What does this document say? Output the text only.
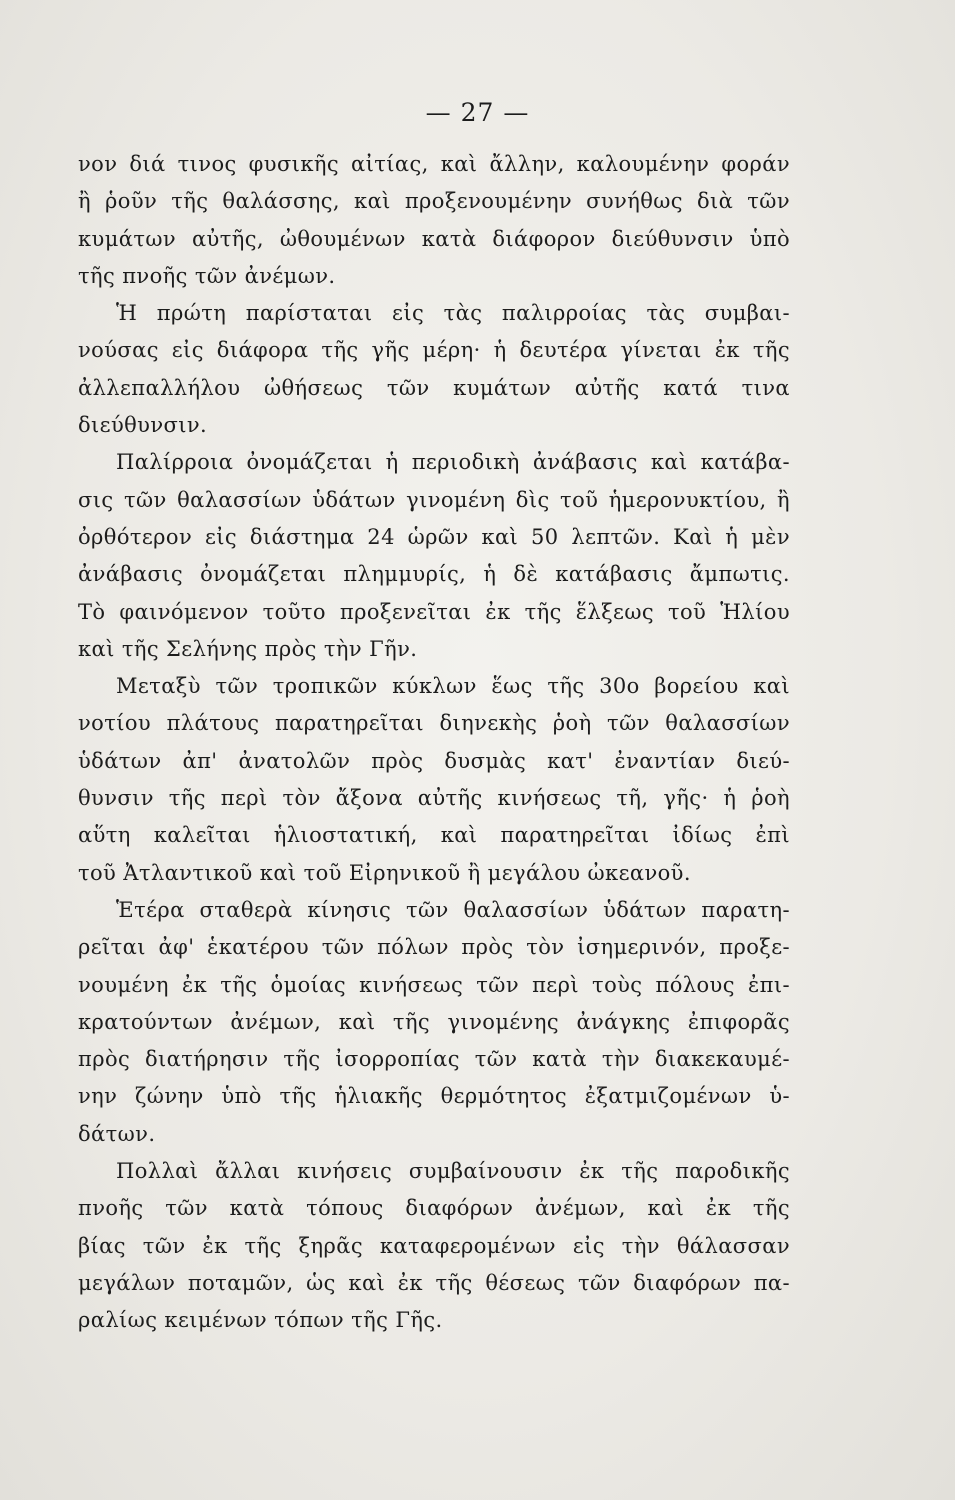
— 27 —
νον διά τινος φυσικῆς αἰτίας, καὶ ἄλλην, καλουμένην φοράν
ἢ ῥοῦν τῆς θαλάσσης, καὶ προξενουμένην συνήθως διὰ τῶν
κυμάτων αὐτῆς, ὠθουμένων κατὰ διάφορον διεύθυνσιν ὑπὸ
τῆς πνοῆς τῶν ἀνέμων.
Ἡ πρώτη παρίσταται εἰς τὰς παλιρροίας τὰς συμβαι-
νούσας εἰς διάφορα τῆς γῆς μέρη· ἡ δευτέρα γίνεται ἐκ τῆς
ἀλλεπαλλήλου ὠθήσεως τῶν κυμάτων αὐτῆς κατά τινα
διεύθυνσιν.
Παλίρροια ὀνομάζεται ἡ περιοδικὴ ἀνάβασις καὶ κατάβα-
σις τῶν θαλασσίων ὑδάτων γινομένη δὶς τοῦ ἡμερονυκτίου, ἢ
ὀρθότερον εἰς διάστημα 24 ὡρῶν καὶ 50 λεπτῶν. Καὶ ἡ μὲν
ἀνάβασις ὀνομάζεται πλημμυρίς, ἡ δὲ κατάβασις ἄμπωτις.
Τὸ φαινόμενον τοῦτο προξενεῖται ἐκ τῆς ἕλξεως τοῦ Ἡλίου
καὶ τῆς Σελήνης πρὸς τὴν Γῆν.
Μεταξὺ τῶν τροπικῶν κύκλων ἕως τῆς 30ο βορείου καὶ
νοτίου πλάτους παρατηρεῖται διηνεκὴς ῥοὴ τῶν θαλασσίων
ὑδάτων ἀπ' ἀνατολῶν πρὸς δυσμὰς κατ' ἐναντίαν διεύ-
θυνσιν τῆς περὶ τὸν ἄξονα αὐτῆς κινήσεως τῆ, γῆς· ἡ ῥοὴ
αὕτη καλεῖται ἡλιοστατική, καὶ παρατηρεῖται ἰδίως ἐπὶ
τοῦ Ἀτλαντικοῦ καὶ τοῦ Εἰρηνικοῦ ἢ μεγάλου ὠκεανοῦ.
Ἑτέρα σταθερὰ κίνησις τῶν θαλασσίων ὑδάτων παρατη-
ρεῖται ἀφ' ἑκατέρου τῶν πόλων πρὸς τὸν ἰσημερινόν, προξε-
νουμένη ἐκ τῆς ὁμοίας κινήσεως τῶν περὶ τοὺς πόλους ἐπι-
κρατούντων ἀνέμων, καὶ τῆς γινομένης ἀνάγκης ἐπιφορᾶς
πρὸς διατήρησιν τῆς ἰσορροπίας τῶν κατὰ τὴν διακεκαυμέ-
νην ζώνην ὑπὸ τῆς ἡλιακῆς θερμότητος ἐξατμιζομένων ὑ-
δάτων.
Πολλαὶ ἄλλαι κινήσεις συμβαίνουσιν ἐκ τῆς παροδικῆς
πνοῆς τῶν κατὰ τόπους διαφόρων ἀνέμων, καὶ ἐκ τῆς
βίας τῶν ἐκ τῆς ξηρᾶς καταφερομένων εἰς τὴν θάλασσαν
μεγάλων ποταμῶν, ὡς καὶ ἐκ τῆς θέσεως τῶν διαφόρων πα-
ραλίως κειμένων τόπων τῆς Γῆς.
